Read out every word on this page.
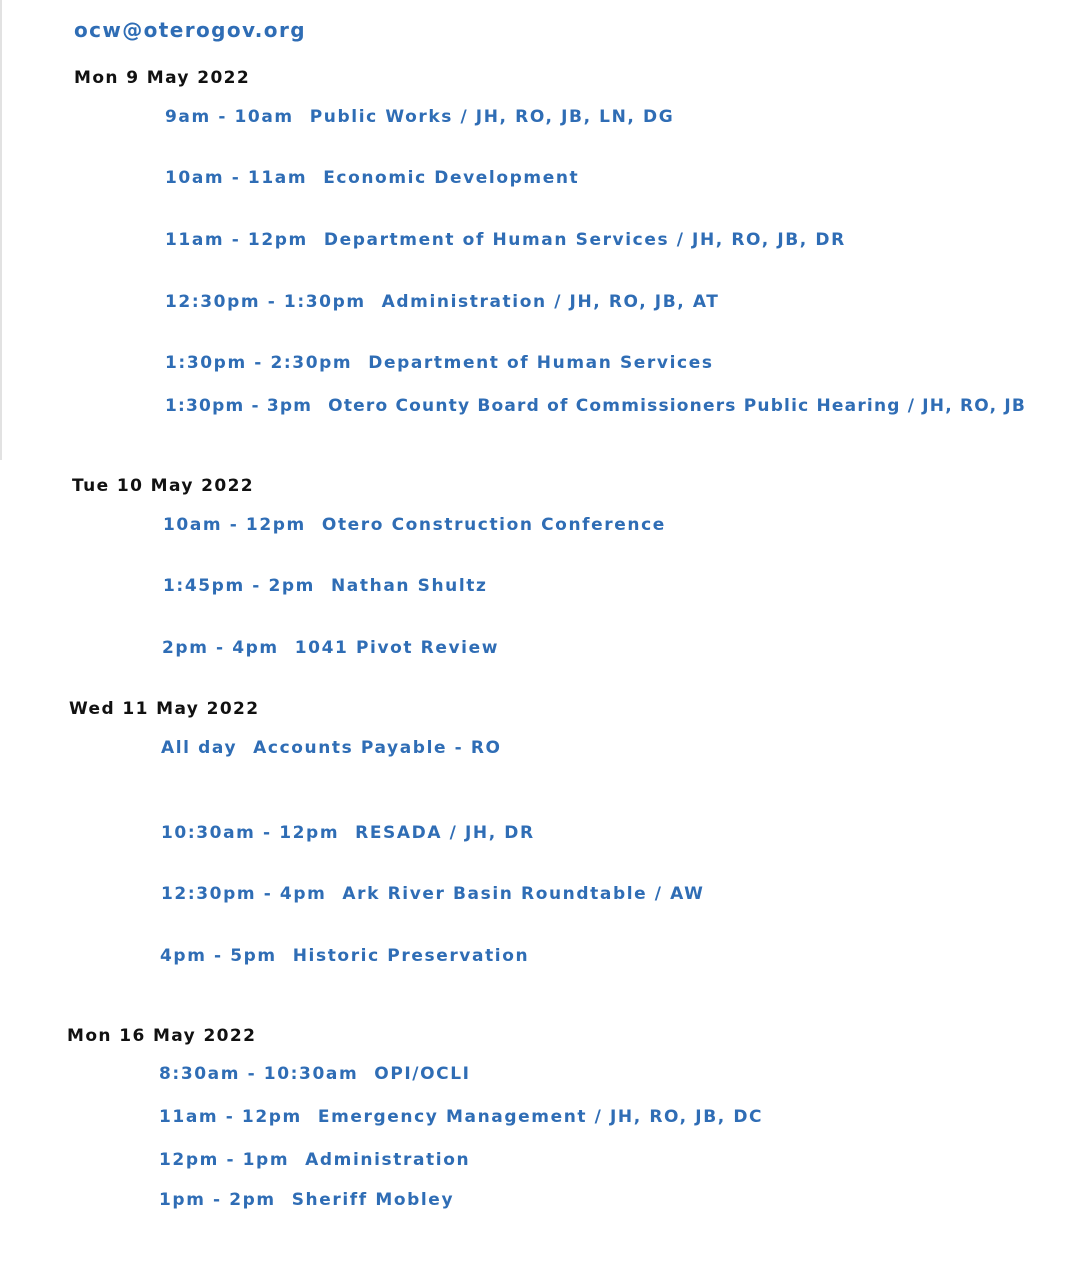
ocw@oterogov.org
Mon 9 May 2022
9am - 10am Public Works / JH, RO, JB, LN, DG
10am - 11am Economic Development
11am - 12pm Department of Human Services / JH, RO, JB, DR
12:30pm - 1:30pm Administration / JH, RO, JB, AT
1:30pm - 2:30pm Department of Human Services
1:30pm - 3pm Otero County Board of Commissioners Public Hearing / JH, RO, JB
Tue 10 May 2022
10am - 12pm Otero Construction Conference
1:45pm - 2pm Nathan Shultz
2pm - 4pm 1041 Pivot Review
Wed 11 May 2022
All day Accounts Payable - RO
10:30am - 12pm RESADA / JH, DR
12:30pm - 4pm Ark River Basin Roundtable / AW
4pm - 5pm Historic Preservation
Mon 16 May 2022
8:30am - 10:30am OPI/OCLI
11am - 12pm Emergency Management / JH, RO, JB, DC
12pm - 1pm Administration
1pm - 2pm Sheriff Mobley
